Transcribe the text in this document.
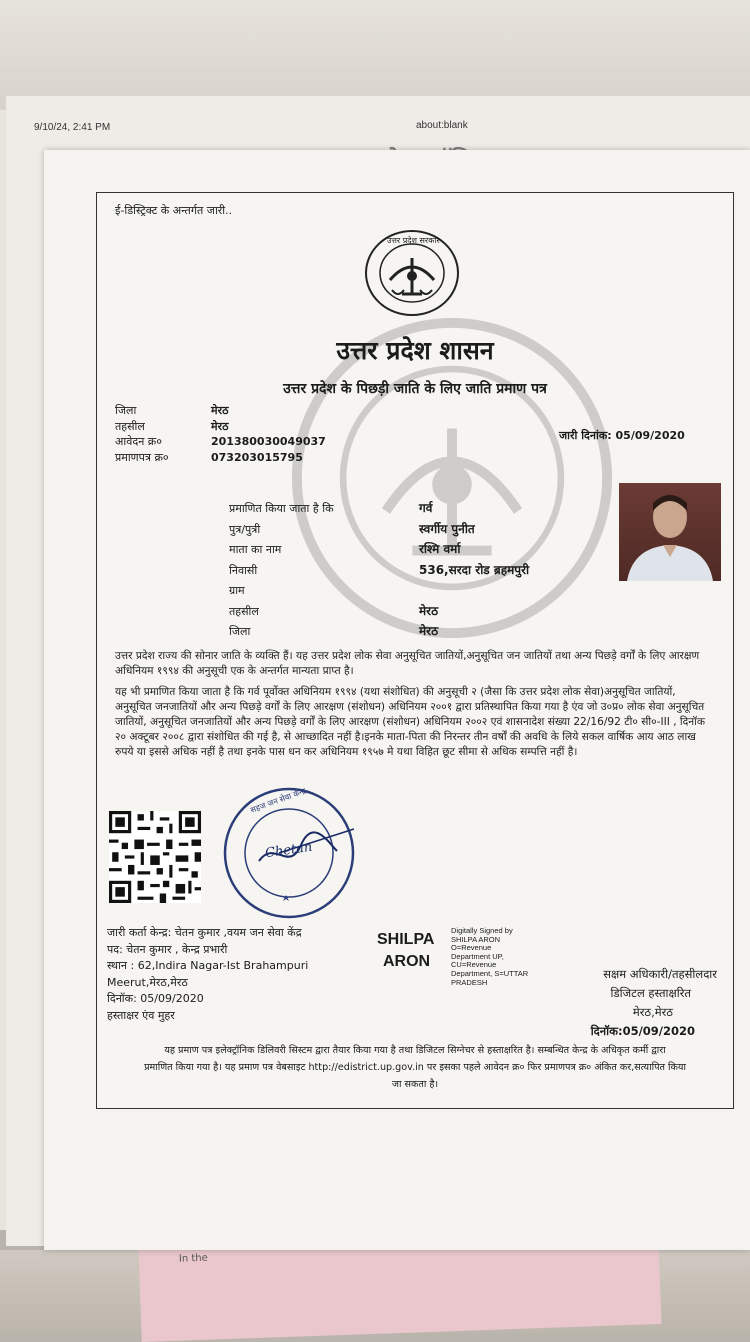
In the
9/10/24, 2:41 PM	about:blank
ई-डिस्ट्रिक्ट के अन्तर्गत जारी..
उत्तर प्रदेश सरकार
उत्तर प्रदेश शासन
उत्तर प्रदेश के पिछड़ी जाति के लिए जाति प्रमाण पत्र
जिला
तहसील
आवेदन क्र०
प्रमाणपत्र क्र०
मेरठ
मेरठ
201380030049037
073203015795
जारी दिनांक: 05/09/2020
प्रमाणित किया जाता है कि
पुत्र/पुत्री
माता का नाम
निवासी
ग्राम
तहसील
जिला
गर्व
स्वर्गीय पुनीत
रश्मि वर्मा
536,सरदा रोड ब्रहमपुरी
मेरठ
मेरठ
उत्तर प्रदेश राज्य की सोनार जाति के व्यक्ति हैं। यह उत्तर प्रदेश लोक सेवा अनुसूचित जातियों,अनुसूचित जन जातियों तथा अन्य पिछड़े वर्गों के लिए आरक्षण अधिनियम १९९४ की अनुसूची एक के अन्तर्गत मान्यता प्राप्त है।
यह भी प्रमाणित किया जाता है कि गर्व पूर्वोक्त अधिनियम १९९४ (यथा संशोधित) की अनुसूची २ (जैसा कि उत्तर प्रदेश लोक सेवा)अनुसूचित जातियों, अनुसूचित जनजातियों और अन्य पिछड़े वर्गों के लिए आरक्षण (संशोधन) अधिनियम २००१ द्वारा प्रतिस्थापित किया गया है एंव जो उ०प्र० लोक सेवा अनुसूचित जातियों, अनुसूचित जनजातियों और अन्य पिछड़े वर्गों के लिए आरक्षण (संशोधन) अधिनियम २००२ एवं शासनादेश संख्या 22/16/92 टी० सी०-III , दिनॉक २० अक्टूबर २००८ द्वारा संशोधित की गई है, से आच्छादित नहीं है।इनके माता-पिता की निरन्तर तीन वर्षों की अवधि के लिये सकल वार्षिक आय आठ लाख रुपये या इससे अधिक नहीं है तथा इनके पास धन कर अधिनियम १९५७ मे यथा विहित छूट सीमा से अधिक सम्पत्ति नहीं है।
सहज जन सेवा केन्द्र
Chetan
जारी कर्ता केन्द्र: चेतन कुमार ,वयम जन सेवा केंद्र
पद: चेतन कुमार , केन्द्र प्रभारी
स्थान : 62,Indira Nagar-Ist Brahampuri
Meerut,मेरठ,मेरठ
दिनॉक: 05/09/2020
हस्ताक्षर एंव मुहर
SHILPA
ARON
Digitally Signed by
SHILPA ARON
O=Revenue
Department UP,
CU=Revenue
Department, S=UTTAR
PRADESH
सक्षम अधिकारी/तहसीलदार
डिजिटल हस्ताक्षरित
मेरठ,मेरठ
दिनॉक:05/09/2020
यह प्रमाण पत्र इलेक्ट्रॉनिक डिलिवरी सिस्टम द्वारा तैयार किया गया है तथा डिजिटल सिग्नेचर से हस्ताक्षरित है। सम्बन्धित केन्द्र के अधिकृत कर्मी द्वारा
प्रमाणित किया गया है। यह प्रमाण पत्र वेबसाइट http://edistrict.up.gov.in पर इसका पहले आवेदन क्र० फिर प्रमाणपत्र क्र० अंकित कर,सत्यापित किया
जा सकता है।
